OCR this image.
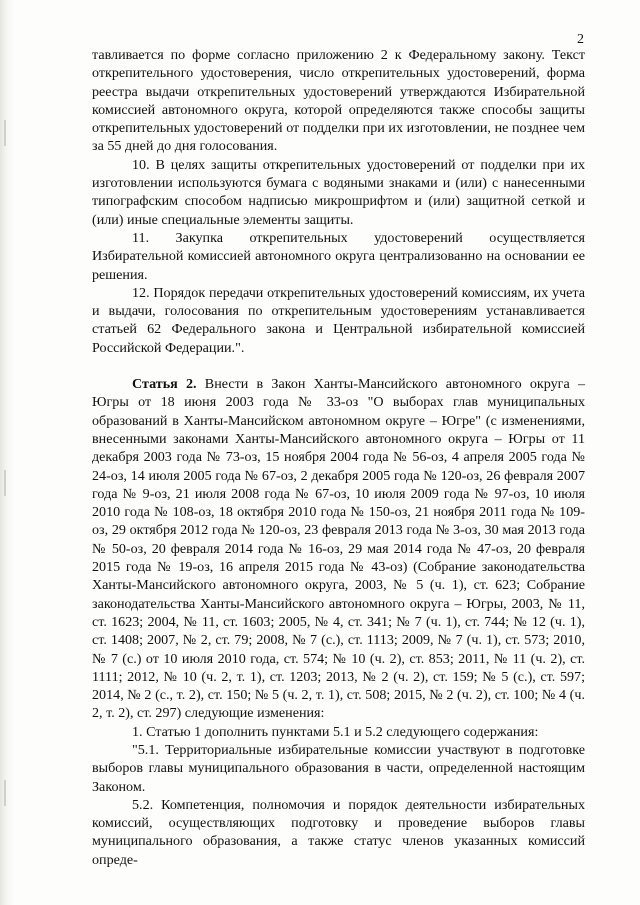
2

тавливается по форме согласно приложению 2 к Федеральному закону. Текст открепительного удостоверения, число открепительных удостоверений, форма реестра выдачи открепительных удостоверений утверждаются Избирательной комиссией автономного округа, которой определяются также способы защиты открепительных удостоверений от подделки при их изготовлении, не позднее чем за 55 дней до дня голосования.

10. В целях защиты открепительных удостоверений от подделки при их изготовлении используются бумага с водяными знаками и (или) с нанесенными типографским способом надписью микрошрифтом и (или) защитной сеткой и (или) иные специальные элементы защиты.

11. Закупка открепительных удостоверений осуществляется Избирательной комиссией автономного округа централизованно на основании ее решения.

12. Порядок передачи открепительных удостоверений комиссиям, их учета и выдачи, голосования по открепительным удостоверениям устанавливается статьей 62 Федерального закона и Центральной избирательной комиссией Российской Федерации.".

Статья 2. Внести в Закон Ханты-Мансийского автономного округа – Югры от 18 июня 2003 года № 33-оз "О выборах глав муниципальных образований в Ханты-Мансийском автономном округе – Югре" (с изменениями, внесенными законами Ханты-Мансийского автономного округа – Югры от 11 декабря 2003 года № 73-оз, 15 ноября 2004 года № 56-оз, 4 апреля 2005 года № 24-оз, 14 июля 2005 года № 67-оз, 2 декабря 2005 года № 120-оз, 26 февраля 2007 года № 9-оз, 21 июля 2008 года № 67-оз, 10 июля 2009 года № 97-оз, 10 июля 2010 года № 108-оз, 18 октября 2010 года № 150-оз, 21 ноября 2011 года № 109-оз, 29 октября 2012 года № 120-оз, 23 февраля 2013 года № 3-оз, 30 мая 2013 года № 50-оз, 20 февраля 2014 года № 16-оз, 29 мая 2014 года № 47-оз, 20 февраля 2015 года № 19-оз, 16 апреля 2015 года № 43-оз) (Собрание законодательства Ханты-Мансийского автономного округа, 2003, № 5 (ч. 1), ст. 623; Собрание законодательства Ханты-Мансийского автономного округа – Югры, 2003, № 11, ст. 1623; 2004, № 11, ст. 1603; 2005, № 4, ст. 341; № 7 (ч. 1), ст. 744; № 12 (ч. 1), ст. 1408; 2007, № 2, ст. 79; 2008, № 7 (с.), ст. 1113; 2009, № 7 (ч. 1), ст. 573; 2010, № 7 (с.) от 10 июля 2010 года, ст. 574; № 10 (ч. 2), ст. 853; 2011, № 11 (ч. 2), ст. 1111; 2012, № 10 (ч. 2, т. 1), ст. 1203; 2013, № 2 (ч. 2), ст. 159; № 5 (с.), ст. 597; 2014, № 2 (с., т. 2), ст. 150; № 5 (ч. 2, т. 1), ст. 508; 2015, № 2 (ч. 2), ст. 100; № 4 (ч. 2, т. 2), ст. 297) следующие изменения:

1. Статью 1 дополнить пунктами 5.1 и 5.2 следующего содержания:

"5.1. Территориальные избирательные комиссии участвуют в подготовке выборов главы муниципального образования в части, определенной настоящим Законом.

5.2. Компетенция, полномочия и порядок деятельности избирательных комиссий, осуществляющих подготовку и проведение выборов главы муниципального образования, а также статус членов указанных комиссий опреде-
